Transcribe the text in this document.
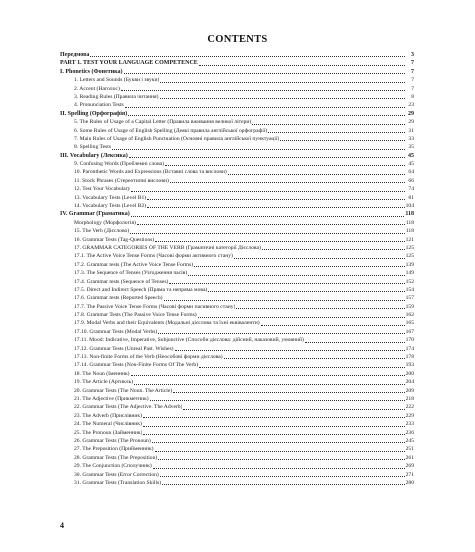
CONTENTS
Передмова	3
PART 1. TEST YOUR LANGUAGE COMPETENCE	7
I. Phonetics (Фонетика)	7
1. Letters and Sounds (Букви і звуки)	7
2. Accent (Наголос)	7
3. Reading Rules (Правила читання)	8
4. Pronunciation Tests	23
II. Spelling (Орфографія)	29
5. The Rules of Usage of a Capital Letter (Правила вживання великої літери)	29
6. Some Rules of Usage of English Spelling (Деякі правила англійської орфографії)	31
7. Main Rules of Usage of English Punctuation (Основні правила англійської пунктуації)	33
8. Spelling Tests	35
III. Vocabulary (Лексика)	45
9. Confusing Words (Проблемні слова)	45
10. Paronthetic Words and Expressions (Вставні слова та вислови)	64
11. Stock Phrases (Стереотипні вислови)	66
12. Test Your Vocabulary	74
13. Vocabulary Tests (Level B1)	81
14. Vocabulary Tests (Level B2)	104
IV. Grammar (Граматика)	118
Morphology (Морфологія)	118
15. The Verb (Дієслово)	118
16. Grammar Tests (Tag-Questions)	121
17. GRAMMAR CATEGORIES OF THE VERB (Граматичні категорії Дієслова)	125
17.1. The Active Voice Tense Forms (Часові форми активного стану)	125
17.2. Grammar tests (The Active Voice Tense Forms)	139
17.3. The Sequence of Tenses (Узгодження часів)	149
17.4. Grammar tests (Sequence of Tenses)	152
17.5. Direct and Indirect Speech (Пряма та непряма мова)	154
17.6. Grammar tests (Reported Speech)	157
17.7. The Passive Voice Tense Forms (Часові форми пасивного стану)	159
17.8. Grammar Tests (The Passive Voice Tense Forms)	162
17.9. Modal Verbs and their Equivalents (Модальні дієслова та їхні еквіваленти)	165
17.10. Grammar Tests (Modal Verbs)	167
17.11. Mood: Indicative, Imperative, Subjunctive (Способи дієслова: дійсний, наказовий, умовний)	170
17.12. Grammar Tests (Unreal Past. Wishes)	174
17.13. Non-finite Forms of the Verb (Неособові форми дієслова)	178
17.14. Grammar Tests (Non-Finite Forms Of The Verb)	193
18. The Noun (Іменник)	200
19. The Article (Артикль)	204
20. Grammar Tests (The Noun. The Article)	209
21. The Adjective (Прикметник)	218
22. Grammar Tests (The Adjective. The Adverb)	222
23. The Adverb (Прислівник)	229
24. The Numeral (Числівник)	233
25. The Pronoun (Займенник)	236
26. Grammar Tests (The Pronoun)	245
27. The Preposition (Прийменник)	251
28. Grammar Tests (The Preposition)	261
29. The Conjunction (Сполучник)	269
30. Grammar Tests (Error Correction)	271
31. Grammar Tests (Translation Skills)	280
4
